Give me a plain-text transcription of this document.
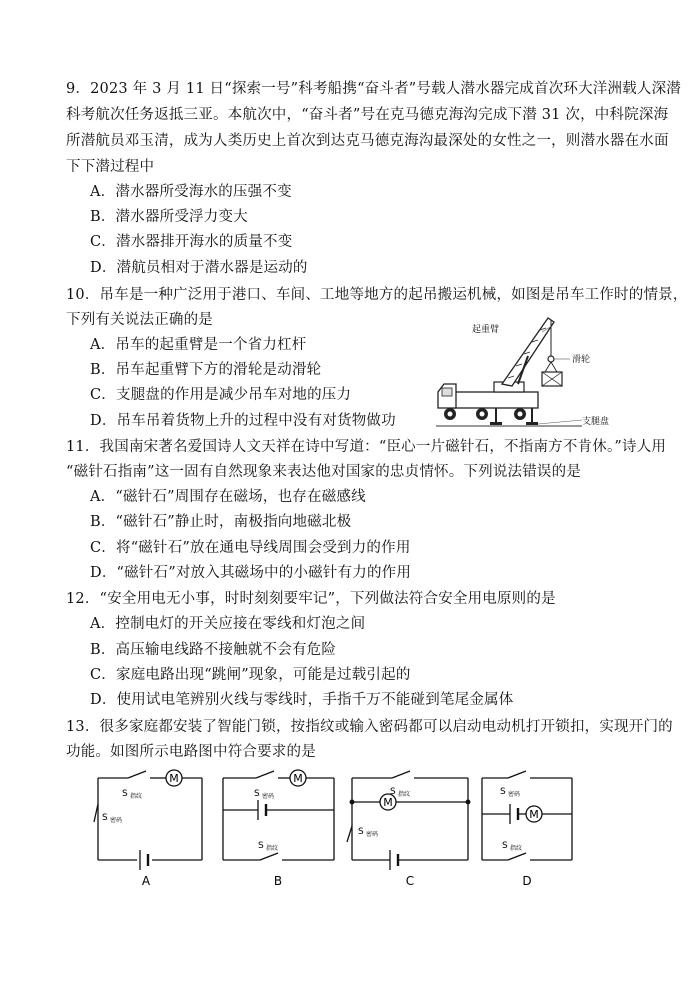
9．2023 年 3 月 11 日“探索一号”科考船携“奋斗者”号载人潜水器完成首次环大洋洲载人深潜
科考航次任务返抵三亚。本航次中，“奋斗者”号在克马德克海沟完成下潜 31 次，中科院深海
所潜航员邓玉清，成为人类历史上首次到达克马德克海沟最深处的女性之一，则潜水器在水面
下下潜过程中
A．潜水器所受海水的压强不变
B．潜水器所受浮力变大
C．潜水器排开海水的质量不变
D．潜航员相对于潜水器是运动的
10．吊车是一种广泛用于港口、车间、工地等地方的起吊搬运机械，如图是吊车工作时的情景，
下列有关说法正确的是
A．吊车的起重臂是一个省力杠杆
B．吊车起重臂下方的滑轮是动滑轮
C．支腿盘的作用是减少吊车对地的压力
D．吊车吊着货物上升的过程中没有对货物做功
起重臂
滑轮
支腿盘
11．我国南宋著名爱国诗人文天祥在诗中写道：“臣心一片磁针石，不指南方不肯休。”诗人用
“磁针石指南”这一固有自然现象来表达他对国家的忠贞情怀。下列说法错误的是
A．“磁针石”周围存在磁场，也存在磁感线
B．“磁针石”静止时，南极指向地磁北极
C．将“磁针石”放在通电导线周围会受到力的作用
D．“磁针石”对放入其磁场中的小磁针有力的作用
12．“安全用电无小事，时时刻刻要牢记”，下列做法符合安全用电原则的是
A．控制电灯的开关应接在零线和灯泡之间
B．高压输电线路不接触就不会有危险
C．家庭电路出现“跳闸”现象，可能是过载引起的
D．使用试电笔辨别火线与零线时，手指千万不能碰到笔尾金属体
13．很多家庭都安装了智能门锁，按指纹或输入密码都可以启动电动机打开锁扣，实现开门的
功能。如图所示电路图中符合要求的是
M	M
M
M
S 指纹
S 密码
S 密码
S 指纹
S 指纹
S 密码
S 密码
S 指纹
A	B	C	D
